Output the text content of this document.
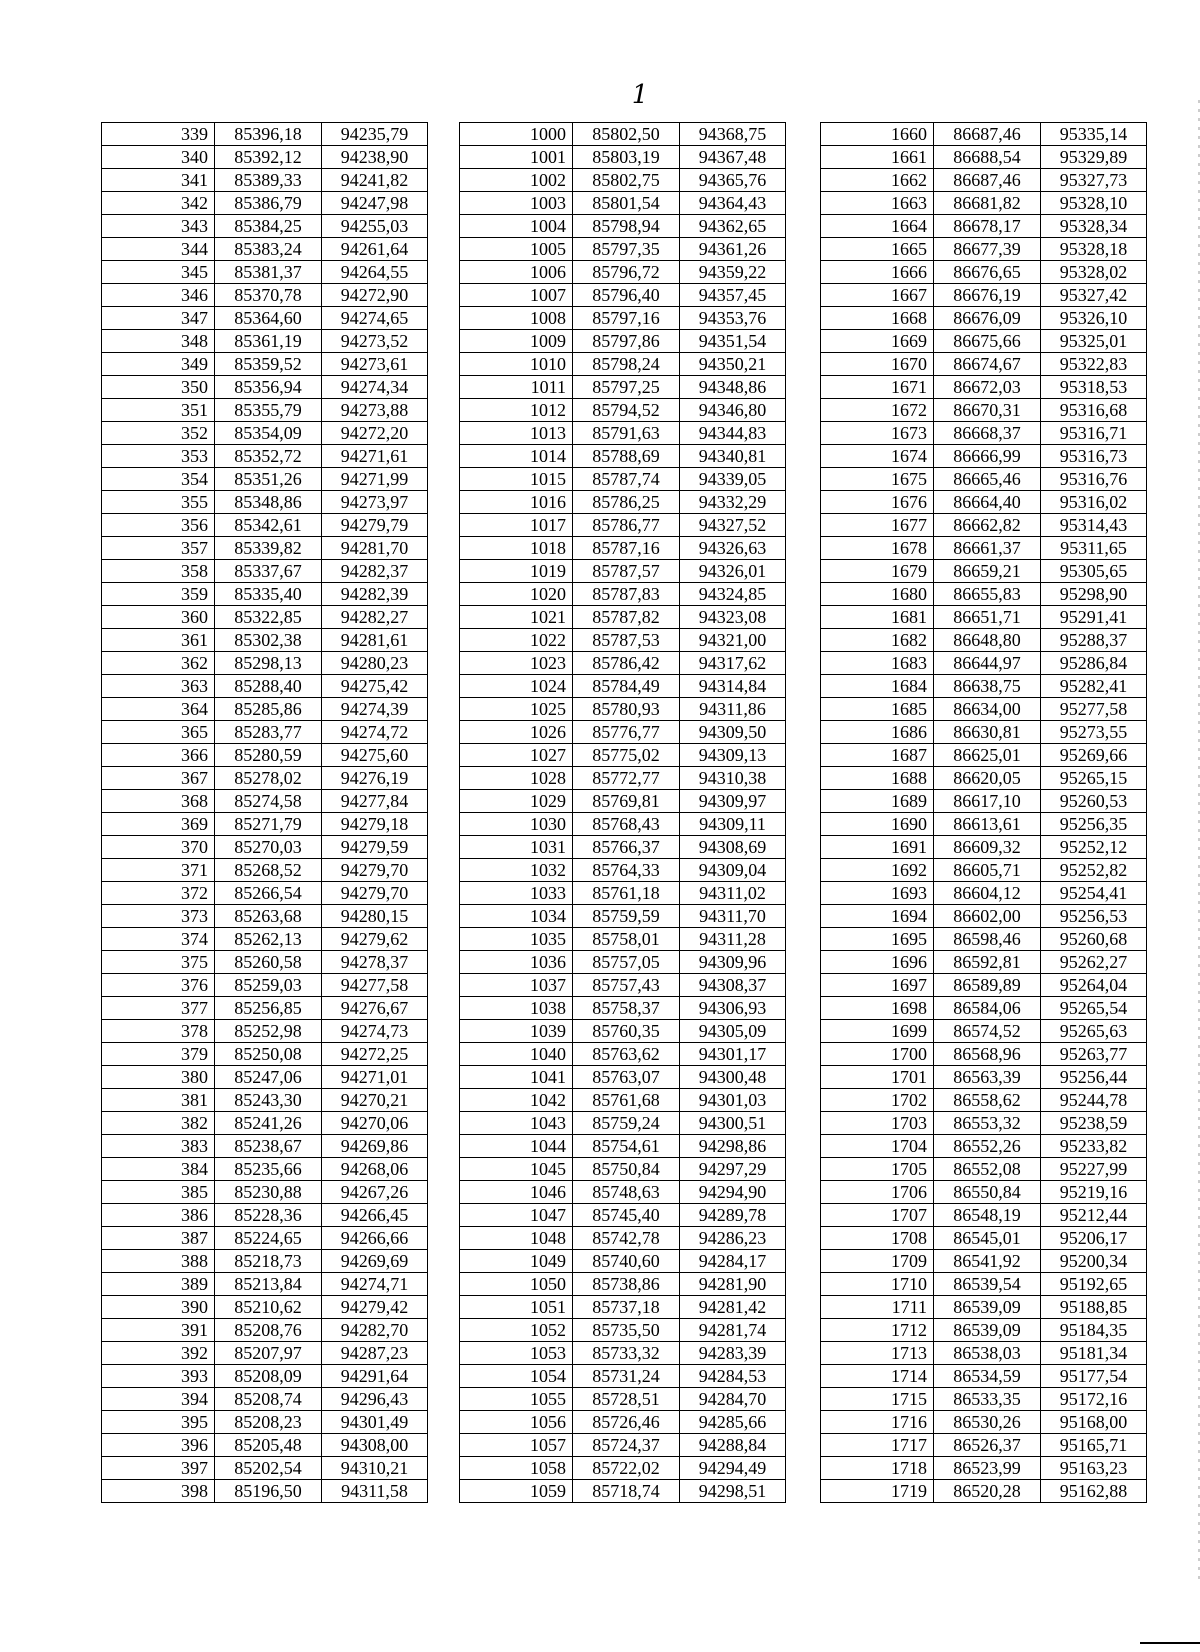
1
339	85396,18	94235,79
340	85392,12	94238,90
341	85389,33	94241,82
342	85386,79	94247,98
343	85384,25	94255,03
344	85383,24	94261,64
345	85381,37	94264,55
346	85370,78	94272,90
347	85364,60	94274,65
348	85361,19	94273,52
349	85359,52	94273,61
350	85356,94	94274,34
351	85355,79	94273,88
352	85354,09	94272,20
353	85352,72	94271,61
354	85351,26	94271,99
355	85348,86	94273,97
356	85342,61	94279,79
357	85339,82	94281,70
358	85337,67	94282,37
359	85335,40	94282,39
360	85322,85	94282,27
361	85302,38	94281,61
362	85298,13	94280,23
363	85288,40	94275,42
364	85285,86	94274,39
365	85283,77	94274,72
366	85280,59	94275,60
367	85278,02	94276,19
368	85274,58	94277,84
369	85271,79	94279,18
370	85270,03	94279,59
371	85268,52	94279,70
372	85266,54	94279,70
373	85263,68	94280,15
374	85262,13	94279,62
375	85260,58	94278,37
376	85259,03	94277,58
377	85256,85	94276,67
378	85252,98	94274,73
379	85250,08	94272,25
380	85247,06	94271,01
381	85243,30	94270,21
382	85241,26	94270,06
383	85238,67	94269,86
384	85235,66	94268,06
385	85230,88	94267,26
386	85228,36	94266,45
387	85224,65	94266,66
388	85218,73	94269,69
389	85213,84	94274,71
390	85210,62	94279,42
391	85208,76	94282,70
392	85207,97	94287,23
393	85208,09	94291,64
394	85208,74	94296,43
395	85208,23	94301,49
396	85205,48	94308,00
397	85202,54	94310,21
398	85196,50	94311,58
1000	85802,50	94368,75
1001	85803,19	94367,48
1002	85802,75	94365,76
1003	85801,54	94364,43
1004	85798,94	94362,65
1005	85797,35	94361,26
1006	85796,72	94359,22
1007	85796,40	94357,45
1008	85797,16	94353,76
1009	85797,86	94351,54
1010	85798,24	94350,21
1011	85797,25	94348,86
1012	85794,52	94346,80
1013	85791,63	94344,83
1014	85788,69	94340,81
1015	85787,74	94339,05
1016	85786,25	94332,29
1017	85786,77	94327,52
1018	85787,16	94326,63
1019	85787,57	94326,01
1020	85787,83	94324,85
1021	85787,82	94323,08
1022	85787,53	94321,00
1023	85786,42	94317,62
1024	85784,49	94314,84
1025	85780,93	94311,86
1026	85776,77	94309,50
1027	85775,02	94309,13
1028	85772,77	94310,38
1029	85769,81	94309,97
1030	85768,43	94309,11
1031	85766,37	94308,69
1032	85764,33	94309,04
1033	85761,18	94311,02
1034	85759,59	94311,70
1035	85758,01	94311,28
1036	85757,05	94309,96
1037	85757,43	94308,37
1038	85758,37	94306,93
1039	85760,35	94305,09
1040	85763,62	94301,17
1041	85763,07	94300,48
1042	85761,68	94301,03
1043	85759,24	94300,51
1044	85754,61	94298,86
1045	85750,84	94297,29
1046	85748,63	94294,90
1047	85745,40	94289,78
1048	85742,78	94286,23
1049	85740,60	94284,17
1050	85738,86	94281,90
1051	85737,18	94281,42
1052	85735,50	94281,74
1053	85733,32	94283,39
1054	85731,24	94284,53
1055	85728,51	94284,70
1056	85726,46	94285,66
1057	85724,37	94288,84
1058	85722,02	94294,49
1059	85718,74	94298,51
1660	86687,46	95335,14
1661	86688,54	95329,89
1662	86687,46	95327,73
1663	86681,82	95328,10
1664	86678,17	95328,34
1665	86677,39	95328,18
1666	86676,65	95328,02
1667	86676,19	95327,42
1668	86676,09	95326,10
1669	86675,66	95325,01
1670	86674,67	95322,83
1671	86672,03	95318,53
1672	86670,31	95316,68
1673	86668,37	95316,71
1674	86666,99	95316,73
1675	86665,46	95316,76
1676	86664,40	95316,02
1677	86662,82	95314,43
1678	86661,37	95311,65
1679	86659,21	95305,65
1680	86655,83	95298,90
1681	86651,71	95291,41
1682	86648,80	95288,37
1683	86644,97	95286,84
1684	86638,75	95282,41
1685	86634,00	95277,58
1686	86630,81	95273,55
1687	86625,01	95269,66
1688	86620,05	95265,15
1689	86617,10	95260,53
1690	86613,61	95256,35
1691	86609,32	95252,12
1692	86605,71	95252,82
1693	86604,12	95254,41
1694	86602,00	95256,53
1695	86598,46	95260,68
1696	86592,81	95262,27
1697	86589,89	95264,04
1698	86584,06	95265,54
1699	86574,52	95265,63
1700	86568,96	95263,77
1701	86563,39	95256,44
1702	86558,62	95244,78
1703	86553,32	95238,59
1704	86552,26	95233,82
1705	86552,08	95227,99
1706	86550,84	95219,16
1707	86548,19	95212,44
1708	86545,01	95206,17
1709	86541,92	95200,34
1710	86539,54	95192,65
1711	86539,09	95188,85
1712	86539,09	95184,35
1713	86538,03	95181,34
1714	86534,59	95177,54
1715	86533,35	95172,16
1716	86530,26	95168,00
1717	86526,37	95165,71
1718	86523,99	95163,23
1719	86520,28	95162,88
